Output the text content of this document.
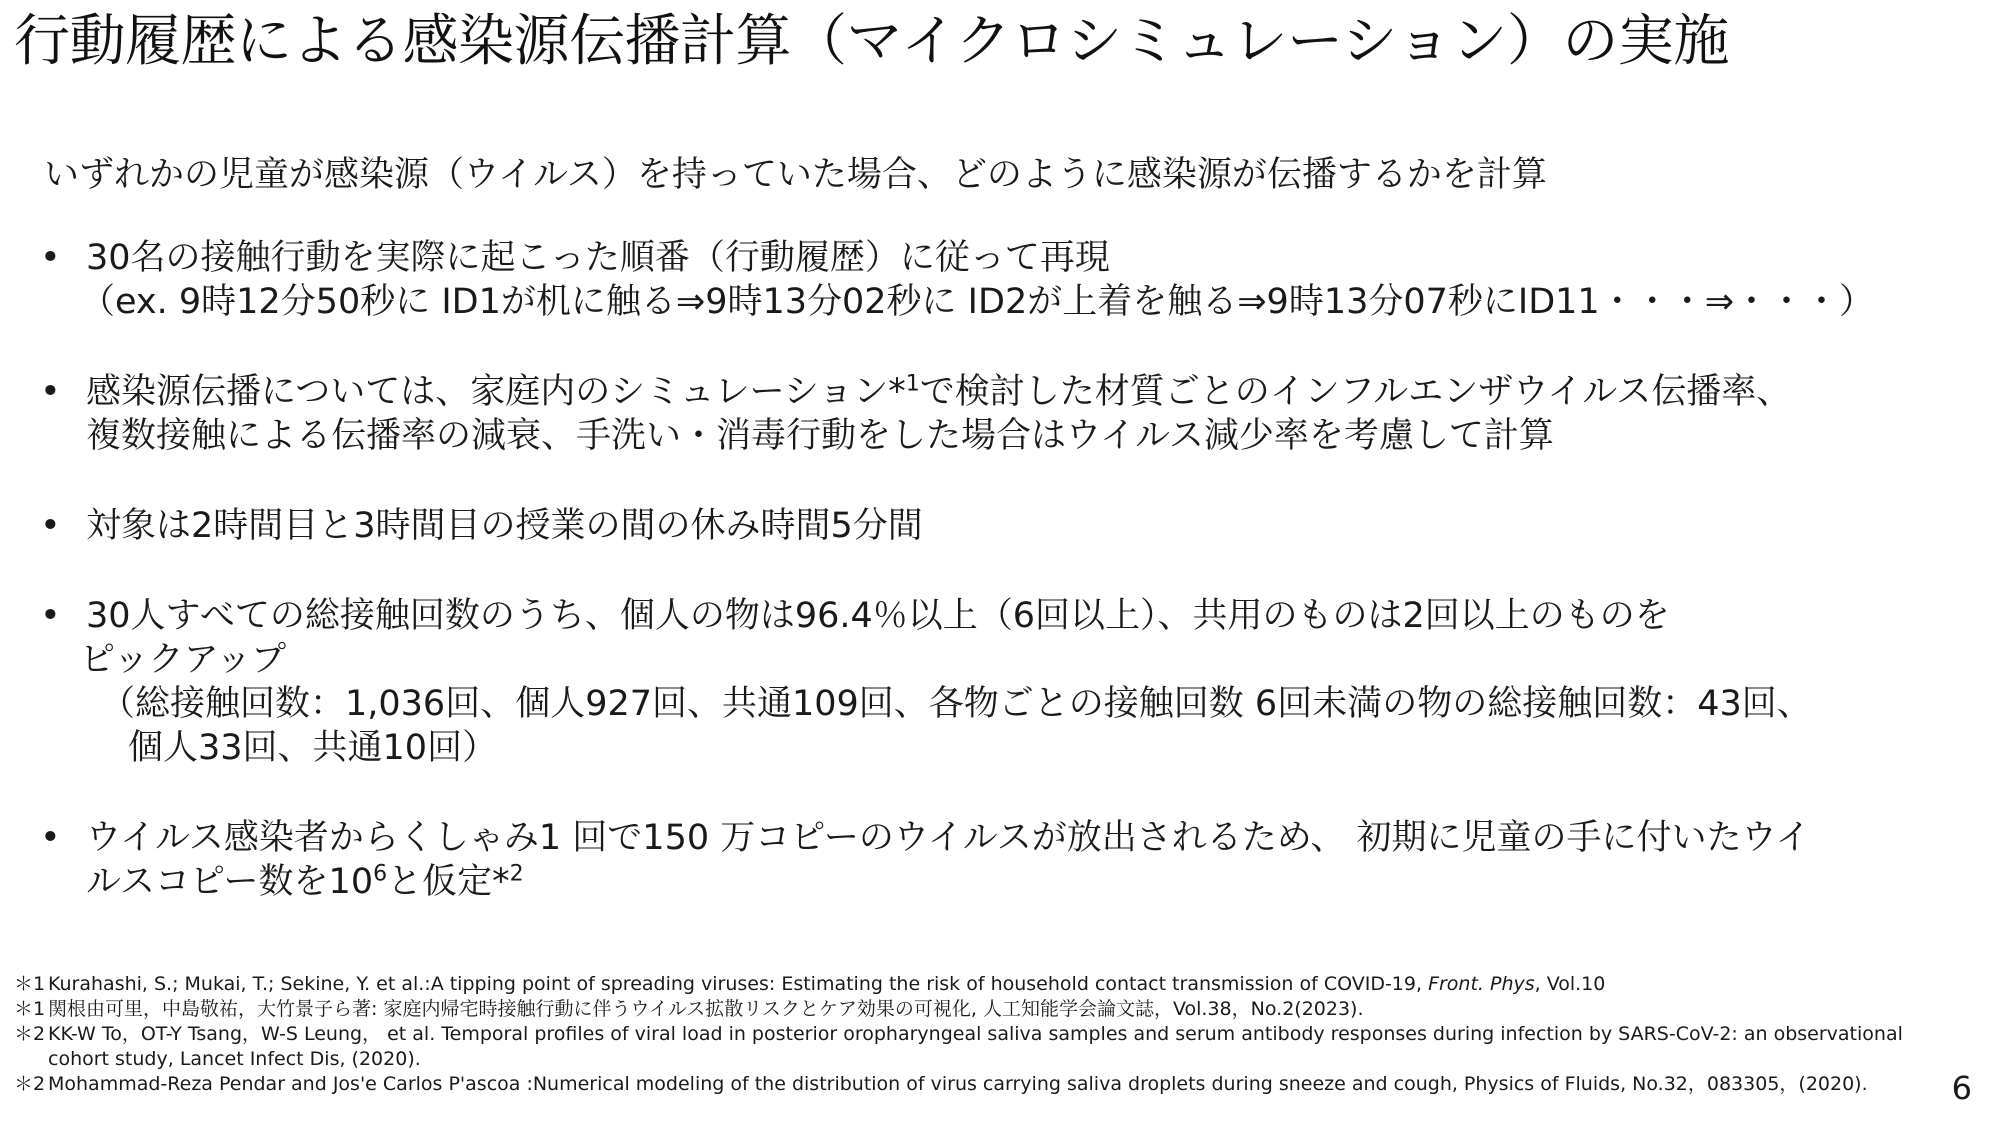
行動履歴による感染源伝播計算（マイクロシミュレーション）の実施
いずれかの児童が感染源（ウイルス）を持っていた場合、どのように感染源が伝播するかを計算
• 30名の接触行動を実際に起こった順番（行動履歴）に従って再現
（ex. 9時12分50秒に ID1が机に触る⇒9時13分02秒に ID2が上着を触る⇒9時13分07秒にID11・・・⇒・・・）
• 感染源伝播については、家庭内のシミュレーション*$^1$で検討した材質ごとのインフルエンザウイルス伝播率、
複数接触による伝播率の減衰、手洗い・消毒行動をした場合はウイルス減少率を考慮して計算
• 対象は2時間目と3時間目の授業の間の休み時間5分間
• 30人すべての総接触回数のうち、個人の物は96.4％以上（6回以上）、共用のものは2回以上のものを
ピックアップ
（総接触回数：1,036回、個人927回、共通109回、各物ごとの接触回数 6回未満の物の総接触回数：43回、
個人33回、共通10回）
• ウイルス感染者からくしゃみ1 回で150 万コピーのウイルスが放出されるため、 初期に児童の手に付いたウイ
ルスコピー数を$10^6$と仮定*$^2$
＊1 Kurahashi, S.; Mukai, T.; Sekine, Y. et al.:A tipping point of spreading viruses: Estimating the risk of household contact transmission of COVID-19, Front. Phys, Vol.10
＊1 関根由可里，中島敬祐，大竹景子ら著: 家庭内帰宅時接触行動に伴うウイルス拡散リスクとケア効果の可視化, 人工知能学会論文誌，Vol.38，No.2(2023).
＊2 KK-W To，OT-Y Tsang，W-S Leung， et al. Temporal profiles of viral load in posterior oropharyngeal saliva samples and serum antibody responses during infection by SARS-CoV-2: an observational
cohort study, Lancet Infect Dis, (2020).
＊2 Mohammad-Reza Pendar and Jos'e Carlos P'ascoa :Numerical modeling of the distribution of virus carrying saliva droplets during sneeze and cough, Physics of Fluids, No.32，083305，(2020).	6
